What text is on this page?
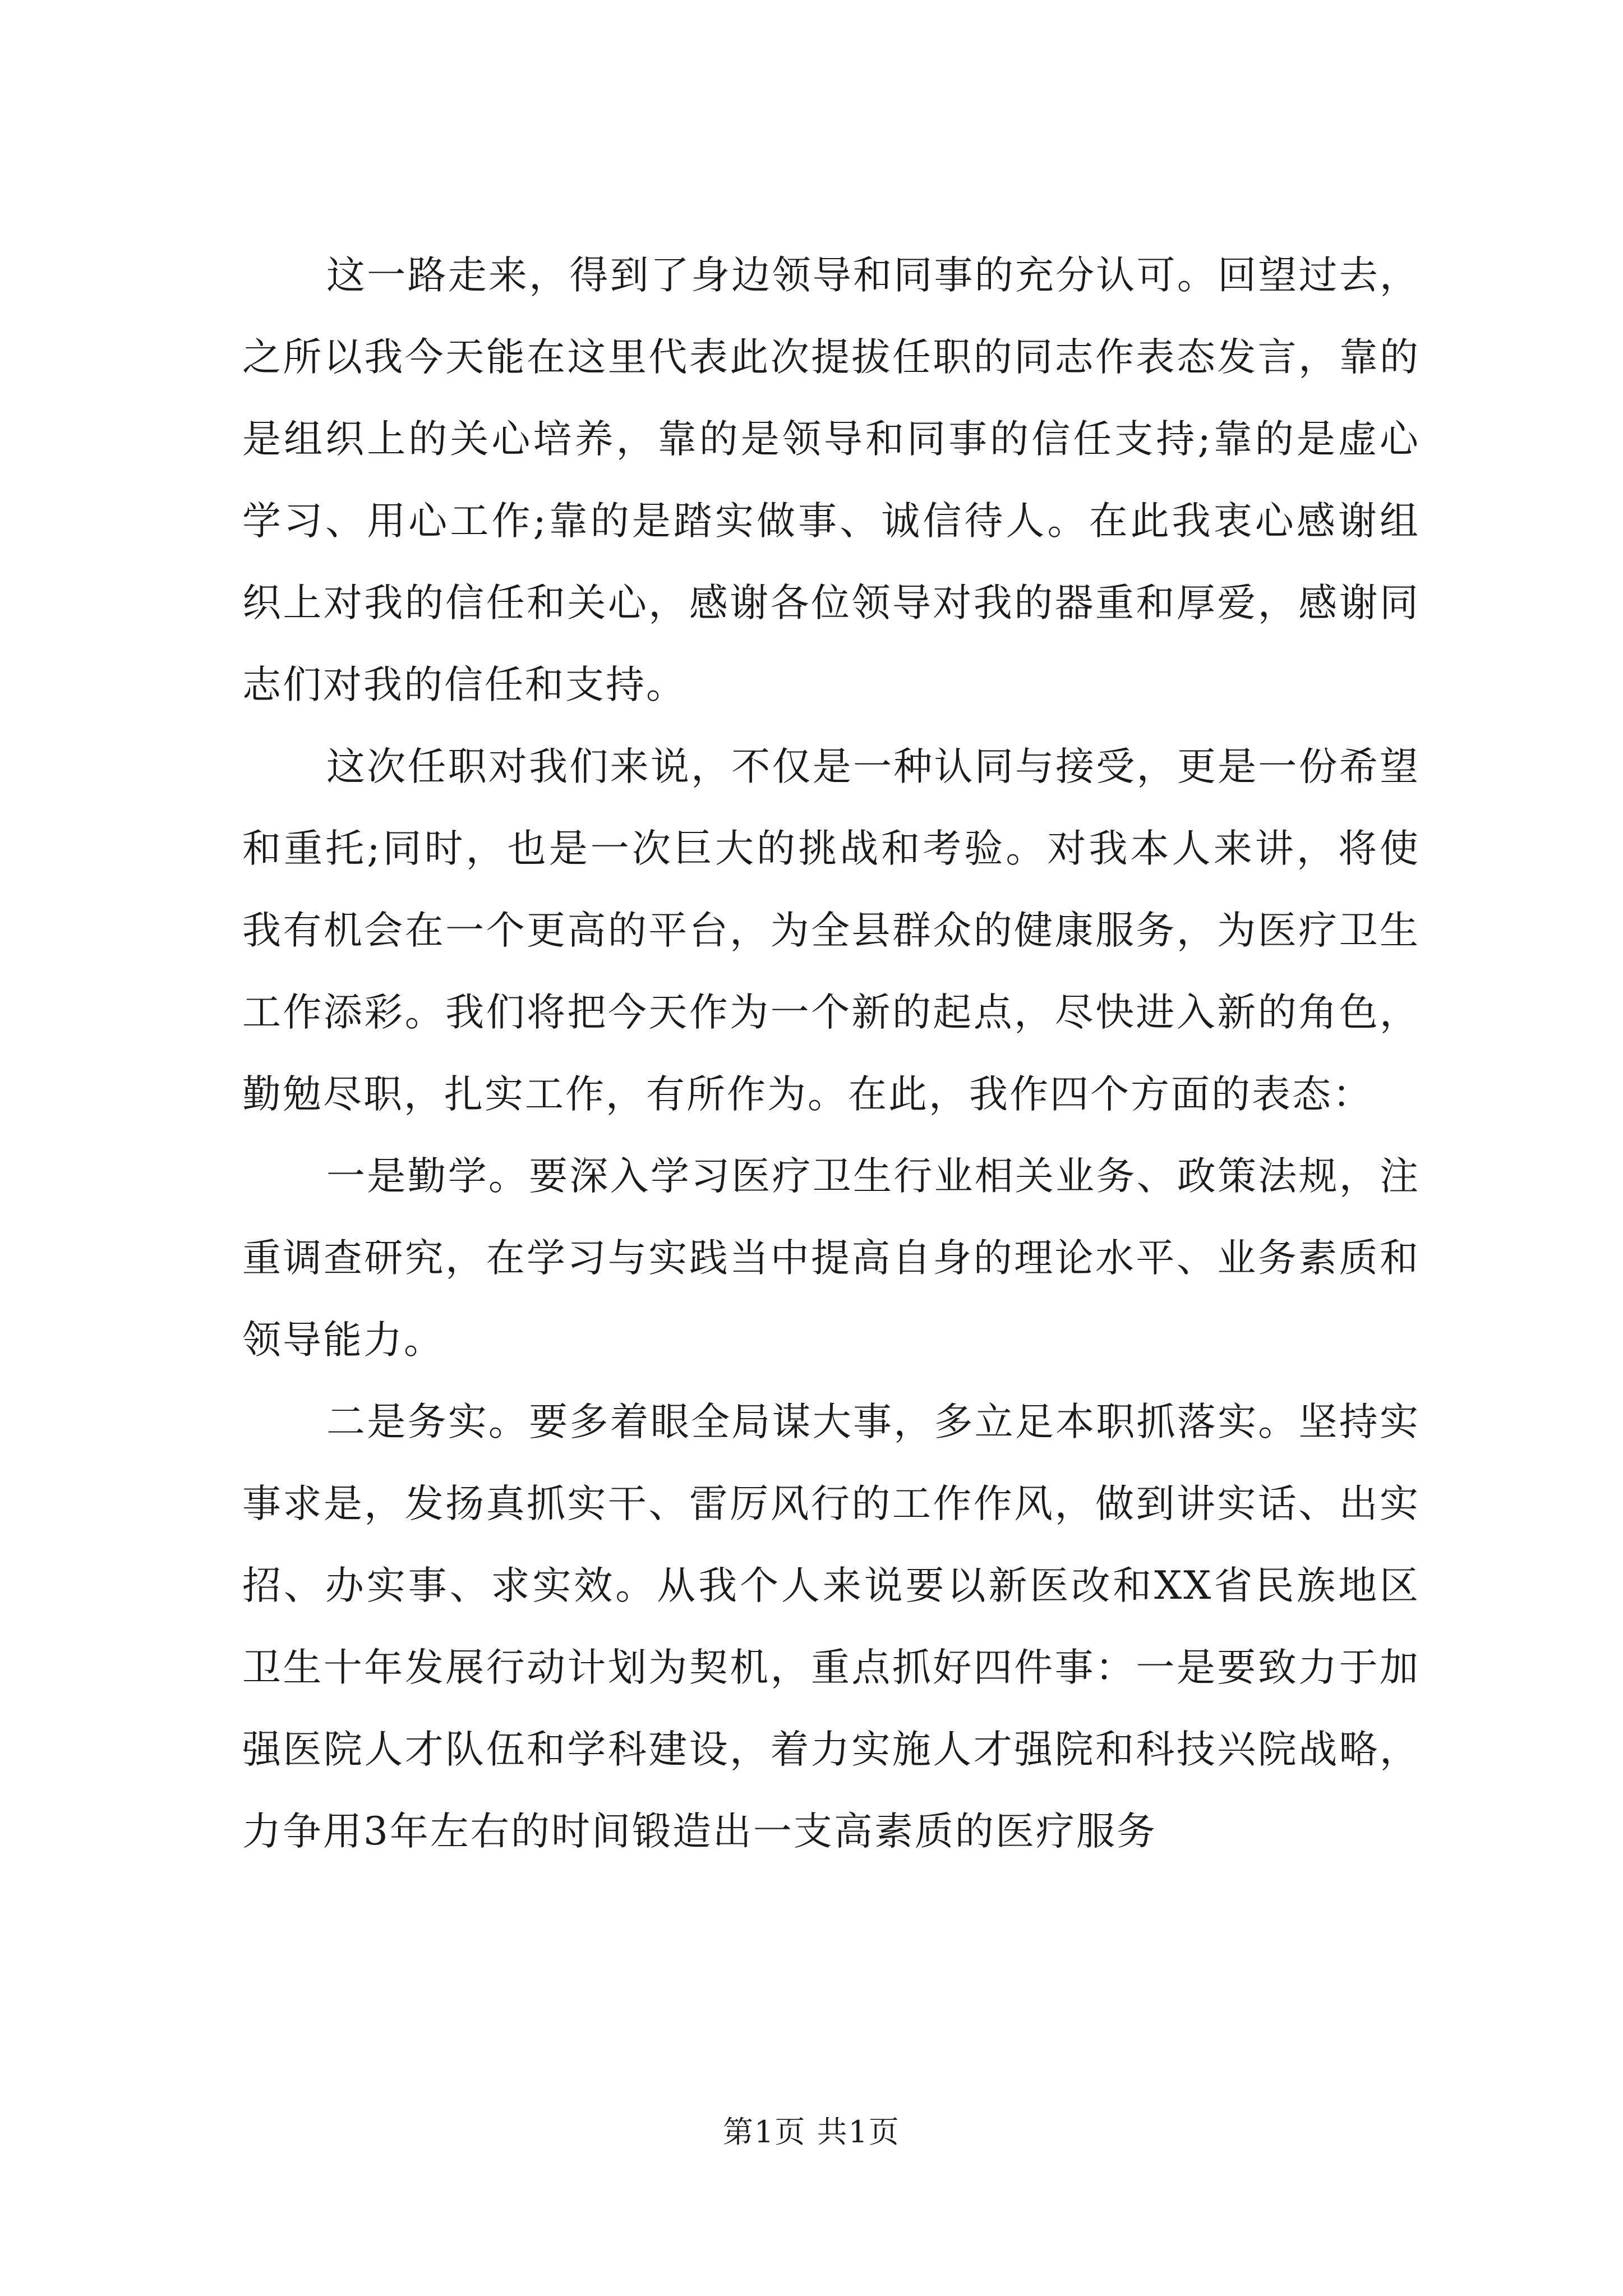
这一路走来，得到了身边领导和同事的充分认可。回望过去，之所以我今天能在这里代表此次提拔任职的同志作表态发言，靠的是组织上的关心培养，靠的是领导和同事的信任支持;靠的是虚心学习、用心工作;靠的是踏实做事、诚信待人。在此我衷心感谢组织上对我的信任和关心，感谢各位领导对我的器重和厚爱，感谢同志们对我的信任和支持。

这次任职对我们来说，不仅是一种认同与接受，更是一份希望和重托;同时，也是一次巨大的挑战和考验。对我本人来讲，将使我有机会在一个更高的平台，为全县群众的健康服务，为医疗卫生工作添彩。我们将把今天作为一个新的起点，尽快进入新的角色，勤勉尽职，扎实工作，有所作为。在此，我作四个方面的表态：

一是勤学。要深入学习医疗卫生行业相关业务、政策法规，注重调查研究，在学习与实践当中提高自身的理论水平、业务素质和领导能力。

二是务实。要多着眼全局谋大事，多立足本职抓落实。坚持实事求是，发扬真抓实干、雷厉风行的工作作风，做到讲实话、出实招、办实事、求实效。从我个人来说要以新医改和XX省民族地区卫生十年发展行动计划为契机，重点抓好四件事：一是要致力于加强医院人才队伍和学科建设，着力实施人才强院和科技兴院战略，力争用3年左右的时间锻造出一支高素质的医疗服务

第1页 共1页
